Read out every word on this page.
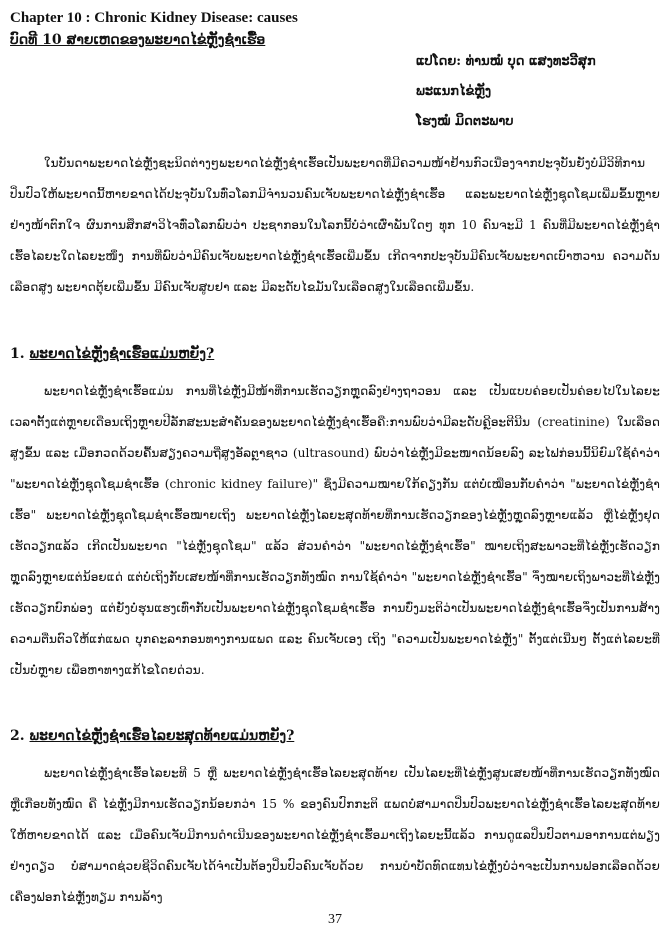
Chapter 10 : Chronic Kidney Disease: causes
ບົດທີ 10 ສາຍເຫດຂອງພະຍາດໄຂ່ຫຼັງຊໍາເຮື້ອ
ແປໂດຍ: ທ່ານໝໍ ບຸດ ແສງທະວີສຸກ
ພະແນກໄຂ່ຫຼັງ
ໂຮງໝໍ ມິດຕະພາບ

ໃນບັນດາພະຍາດໄຂ່ຫຼັງຊະນິດຕ່າງໆພະຍາດໄຂ່ຫຼັງຊໍາເຮື້ອເປັນພະຍາດທີ່ມີຄວາມໜ້າຢ້ານກົວເນື່ອງຈາກປະຈຸບັນຍັງບໍ່ມີວິທີການປິ່ນປົວໃຫ້ພະຍາດນີ້ຫາຍຂາດໄດ້ປະຈຸບັນໃນທົ່ວໂລກມີຈໍານວນຄົນເຈັບພະຍາດໄຂ່ຫຼັງຊໍາເຮື້ອ ແລະພະຍາດໄຂ່ຫຼັງຊຸດໂຊມເພີ່ມຂຶ້ນຫຼາຍຢ່າງໜ້າຕົກໃຈ ຜົນການສຶກສາວິໄຈທົ່ວໂລກພົບວ່າ ປະຊາກອນໃນໂລກນີ້ບໍ່ວ່າເຜົ່າພັນໃດໆ ທຸກ 10 ຄົນຈະມີ 1 ຄົນທີ່ມີພະຍາດໄຂ່ຫຼັງຊໍາເຮື້ອໄລຍະໃດໄລຍະໜຶ່ງ ການທີ່ພົບວ່າມີຄົນເຈັບພະຍາດໄຂ່ຫຼັງຊໍາເຮື້ອເພີ່ມຂຶ້ນ ເກີດຈາກປະຈຸບັນມີຄົນເຈັບພະຍາດເບົາຫວານ ຄວາມດັນເລືອດສູງ ພະຍາດຕຸ້ຍເພີ່ມຂຶ້ນ ມີຄົນເຈັບສູບຢາ ແລະ ມີລະດັບໄຂມັນໃນເລືອດສູງໃນເລືອດເພີ່ມຂຶ້ນ.

1. ພະຍາດໄຂ່ຫຼັງຊໍາເຮື້ອແມ່ນຫຍັງ?

ພະຍາດໄຂ່ຫຼັງຊໍາເຮື້ອແມ່ນ ການທີ່ໄຂ່ຫຼັງມີໜ້າທີ່ການເຮັດວຽກຫຼຸດລົງຢ່າງຖາວອນ ແລະ ເປັນແບບຄ່ອຍເປັນຄ່ອຍໄປໃນໄລຍະເວລາຕັ້ງແຕ່ຫຼາຍເດືອນເຖິງຫຼາຍປີລັກສະນະສໍາຄັນຂອງພະຍາດໄຂ່ຫຼັງຊໍາເຮື້ອຄື:ການພົບວ່າມີລະດັບຄຼີອະຕີນີນ (creatinine) ໃນເລືອດສູງຂຶ້ນ ແລະ ເມື່ອກວດດ້ວຍຄື້ນສຽງຄວາມຖີ່ສູງອັລຕຼາຊາວ (ultrasound) ພົບວ່າໄຂ່ຫຼັງມີຂະໜາດນ້ອຍລົງ ລະໄຟກ່ອນນີ້ນິຍົມໃຊ້ຄໍາວ່າ "ພະຍາດໄຂ່ຫຼັງຊຸດໂຊມຊໍາເຮື້ອ (chronic kidney failure)" ຊຶ່ງມີຄວາມໝາຍໃກ້ຄຽງກັນ ແຕ່ບໍ່ເໝືອນກັບຄໍາວ່າ "ພະຍາດໄຂ່ຫຼັງຊໍາເຮື້ອ" ພະຍາດໄຂ່ຫຼັງຊຸດໂຊມຊໍາເຮື້ອໝາຍເຖິງ ພະຍາດໄຂ່ຫຼັງໄລຍະສຸດທ້າຍທີ່ການເຮັດວຽກຂອງໄຂ່ຫຼັງຫຼຸດລົງຫຼາຍແລ້ວ ຫຼືໄຂ່ຫຼັງຢຸດເຮັດວຽກແລ້ວ ເກີດເປັນພະຍາດ "ໄຂ່ຫຼັງຊຸດໂຊມ" ແລ້ວ ສ່ວນຄໍາວ່າ "ພະຍາດໄຂ່ຫຼັງຊໍາເຮື້ອ" ໝາຍເຖິງສະພາວະທີ່ໄຂ່ຫຼັງເຮັດວຽກຫຼຸດລົງຫຼາຍແຕ່ນ້ອຍແດ່ ແຕ່ບໍ່ເຖິງກັບເສຍໜ້າທີ່ການເຮັດວຽກທັງໝົດ ການໃຊ້ຄໍາວ່າ "ພະຍາດໄຂ່ຫຼັງຊໍາເຮື້ອ" ຈຶ່ງໝາຍເຖິງພາວະທີ່ໄຂ່ຫຼັງເຮັດວຽກບົກພ່ອງ ແຕ່ຍັງບໍ່ຮຸນແຮງເທົ່າກັບເປັນພະຍາດໄຂ່ຫຼັງຊຸດໂຊມຊໍາເຮື້ອ ການບົ່ງມະຕິວ່າເປັນພະຍາດໄຂ່ຫຼັງຊໍາເຮື້ອຈຶ່ງເປັນການສ້າງຄວາມຕື່ນຕົວໃຫ້ແກ່ແພດ ບຸກຄະລາກອນທາງການແພດ ແລະ ຄົນເຈັບເອງ ເຖິງ "ຄວາມເປັນພະຍາດໄຂ່ຫຼັງ" ຕັ້ງແຕ່ເນີ່ນໆ ຕັ້ງແຕ່ໄລຍະທີ່ເປັນບໍ່ຫຼາຍ ເພື່ອຫາທາງແກ້ໄຂໂດຍດ່ວນ.

2. ພະຍາດໄຂ່ຫຼັງຊໍາເຮື້ອໄລຍະສຸດທ້າຍແມ່ນຫຍັງ?

ພະຍາດໄຂ່ຫຼັງຊໍາເຮື້ອໄລຍະທີ 5 ຫຼື ພະຍາດໄຂ່ຫຼັງຊໍາເຮື້ອໄລຍະສຸດທ້າຍ ເປັນໄລຍະທີ່ໄຂ່ຫຼັງສູນເສຍໜ້າທີ່ການເຮັດວຽກທັງໝົດ ຫຼືເກືອບທັງໝົດ ຄື ໄຂ່ຫຼັງມີການເຮັດວຽກນ້ອຍກວ່າ 15 % ຂອງຄົນປົກກະຕິ ແພດບໍ່ສາມາດປິ່ນປົວພະຍາດໄຂ່ຫຼັງຊໍາເຮື້ອໄລຍະສຸດທ້າຍໃຫ້ຫາຍຂາດໄດ້ ແລະ ເມື່ອຄົນເຈັບມີການດໍາເນີນຂອງພະຍາດໄຂ່ຫຼັງຊໍາເຮື້ອມາເຖິງໄລຍະນີ້ແລ້ວ ການດູແລປິ່ນປົວຕາມອາການແຕ່ພຽງຢ່າງດຽວ ບໍ່ສາມາດຊ່ວຍຊີວິດຄົນເຈັບໄດ້ຈໍາເປັນຕ້ອງປິ່ນປົວຄົນເຈັບດ້ວຍ ການບໍາບັດທົດແທນໄຂ່ຫຼັງບໍ່ວ່າຈະເປັນການຟອກເລືອດດ້ວຍເຄື່ອງຟອກໄຂ່ຫຼັງທຽມ ການລ້າງ

37
